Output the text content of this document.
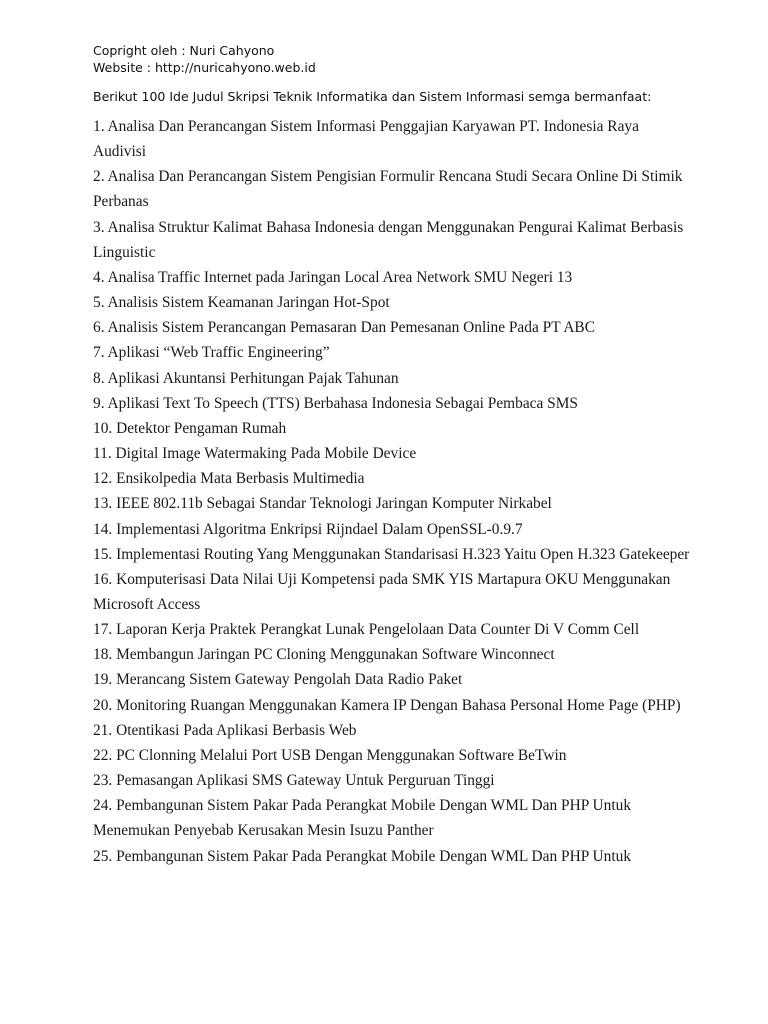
Copright oleh : Nuri Cahyono
Website : http://nuricahyono.web.id
Berikut 100 Ide Judul Skripsi Teknik Informatika dan Sistem Informasi semga bermanfaat:
1. Analisa Dan Perancangan Sistem Informasi Penggajian Karyawan PT. Indonesia Raya Audivisi
2. Analisa Dan Perancangan Sistem Pengisian Formulir Rencana Studi Secara Online Di Stimik Perbanas
3. Analisa Struktur Kalimat Bahasa Indonesia dengan Menggunakan Pengurai Kalimat Berbasis Linguistic
4. Analisa Traffic Internet pada Jaringan Local Area Network SMU Negeri 13
5. Analisis Sistem Keamanan Jaringan Hot-Spot
6. Analisis Sistem Perancangan Pemasaran Dan Pemesanan Online Pada PT ABC
7. Aplikasi “Web Traffic Engineering”
8. Aplikasi Akuntansi Perhitungan Pajak Tahunan
9. Aplikasi Text To Speech (TTS) Berbahasa Indonesia Sebagai Pembaca SMS
10. Detektor Pengaman Rumah
11. Digital Image Watermaking Pada Mobile Device
12. Ensikolpedia Mata Berbasis Multimedia
13. IEEE 802.11b Sebagai Standar Teknologi Jaringan Komputer Nirkabel
14. Implementasi Algoritma Enkripsi Rijndael Dalam OpenSSL-0.9.7
15. Implementasi Routing Yang Menggunakan Standarisasi H.323 Yaitu Open H.323 Gatekeeper
16. Komputerisasi Data Nilai Uji Kompetensi pada SMK YIS Martapura OKU Menggunakan Microsoft Access
17. Laporan Kerja Praktek Perangkat Lunak Pengelolaan Data Counter Di V Comm Cell
18. Membangun Jaringan PC Cloning Menggunakan Software Winconnect
19. Merancang Sistem Gateway Pengolah Data Radio Paket
20. Monitoring Ruangan Menggunakan Kamera IP Dengan Bahasa Personal Home Page (PHP)
21. Otentikasi Pada Aplikasi Berbasis Web
22. PC Clonning Melalui Port USB Dengan Menggunakan Software BeTwin
23. Pemasangan Aplikasi SMS Gateway Untuk Perguruan Tinggi
24. Pembangunan Sistem Pakar Pada Perangkat Mobile Dengan WML Dan PHP Untuk Menemukan Penyebab Kerusakan Mesin Isuzu Panther
25. Pembangunan Sistem Pakar Pada Perangkat Mobile Dengan WML Dan PHP Untuk
